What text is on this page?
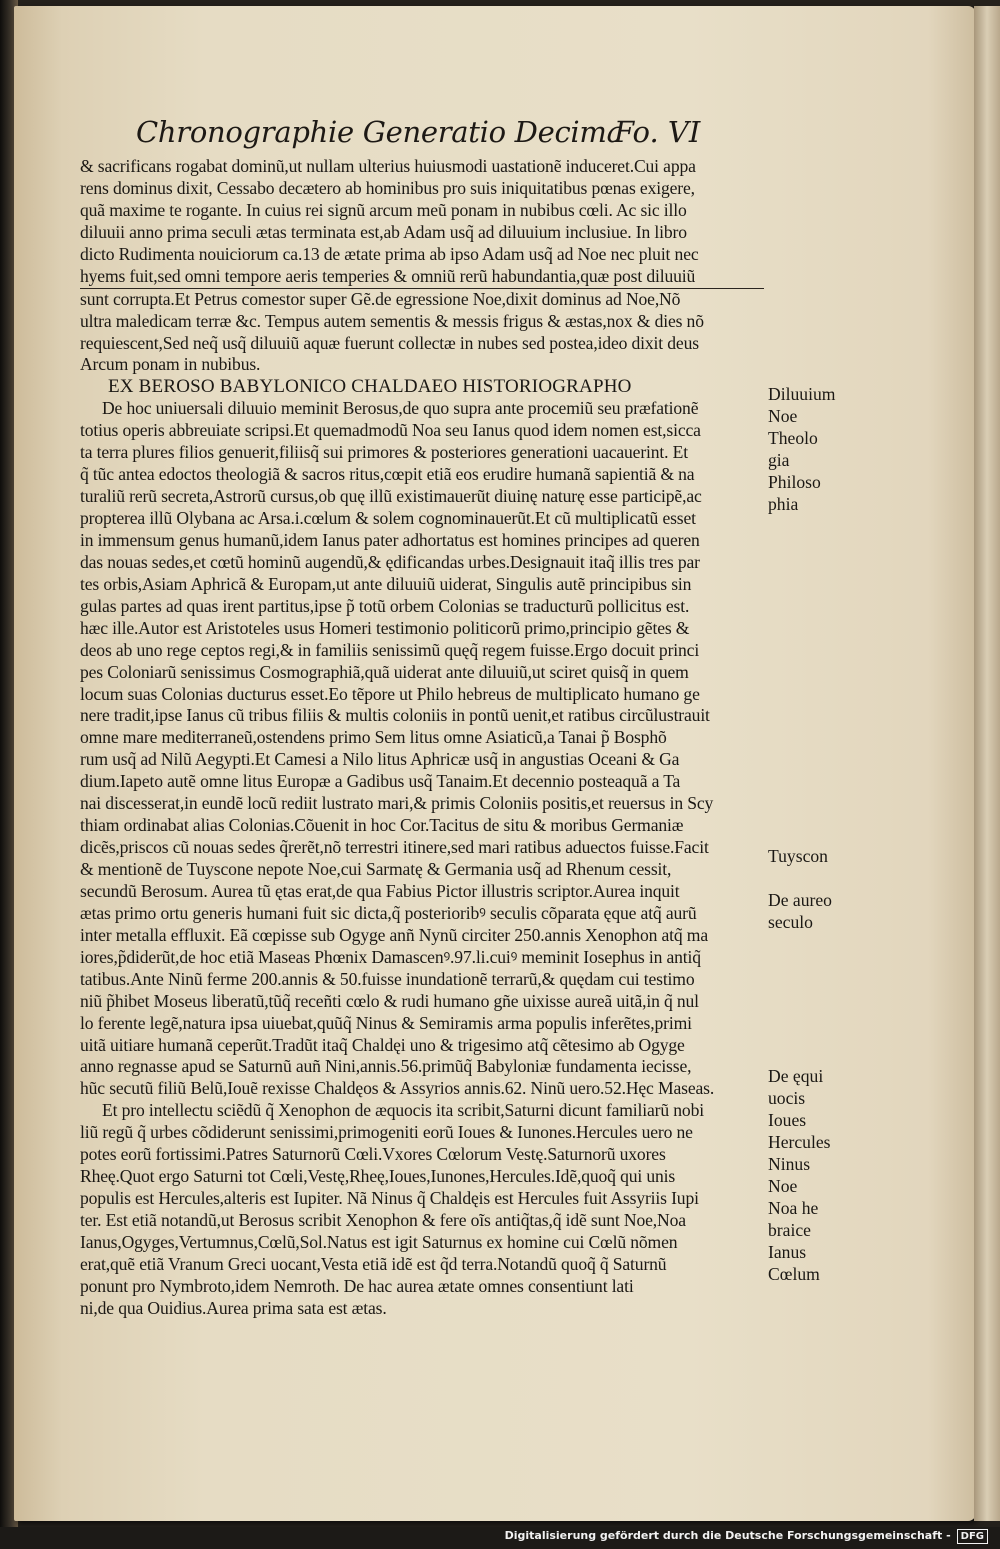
Chronographie Generatio Decima
Fo. VI
& sacrificans rogabat dominũ,ut nullam ulterius huiusmodi uastationẽ induceret.Cui appa
rens dominus dixit, Cessabo decætero ab hominibus pro suis iniquitatibus pœnas exigere,
quã maxime te rogante. In cuius rei signũ arcum meũ ponam in nubibus cœli. Ac sic illo
diluuii anno prima seculi ætas terminata est,ab Adam usq̃ ad diluuium inclusiue. In libro
dicto Rudimenta nouiciorum ca.13 de ætate prima ab ipso Adam usq̃ ad Noe nec pluit nec
hyems fuit,sed omni tempore aeris temperies & omniũ rerũ habundantia,quæ post diluuiũ
sunt corrupta.Et Petrus comestor super Gẽ.de egressione Noe,dixit dominus ad Noe,Nõ
ultra maledicam terræ &c. Tempus autem sementis & messis frigus & æstas,nox & dies nõ
requiescent,Sed neq̃ usq̃ diluuiũ aquæ fuerunt collectæ in nubes sed postea,ideo dixit deus
Arcum ponam in nubibus.
EX BEROSO BABYLONICO CHALDAEO HISTORIOGRAPHO
De hoc uniuersali diluuio meminit Berosus,de quo supra ante procemiũ seu præfationẽ
totius operis abbreuiate scripsi.Et quemadmodũ Noa seu Ianus quod idem nomen est,sicca
ta terra plures filios genuerit,filiisq̃ sui primores & posteriores generationi uacauerint. Et
q̃ tũc antea edoctos theologiã & sacros ritus,cœpit etiã eos erudire humanã sapientiã & na
turaliũ rerũ secreta,Astrorũ cursus,ob quę illũ existimauerũt diuinę naturę esse participẽ,ac
propterea illũ Olybana ac Arsa.i.cœlum & solem cognominauerũt.Et cũ multiplicatũ esset
in immensum genus humanũ,idem Ianus pater adhortatus est homines principes ad queren
das nouas sedes,et cœtũ hominũ augendũ,& ędificandas urbes.Designauit itaq̃ illis tres par
tes orbis,Asiam Aphricã & Europam,ut ante diluuiũ uiderat, Singulis autẽ principibus sin
gulas partes ad quas irent partitus,ipse p̃ totũ orbem Colonias se traducturũ pollicitus est.
hæc ille.Autor est Aristoteles usus Homeri testimonio politicorũ primo,principio gẽtes &
deos ab uno rege ceptos regi,& in familiis senissimũ quęq̃ regem fuisse.Ergo docuit princi
pes Coloniarũ senissimus Cosmographiã,quã uiderat ante diluuiũ,ut sciret quisq̃ in quem
locum suas Colonias ducturus esset.Eo tẽpore ut Philo hebreus de multiplicato humano ge
nere tradit,ipse Ianus cũ tribus filiis & multis coloniis in pontũ uenit,et ratibus circũlustrauit
omne mare mediterraneũ,ostendens primo Sem litus omne Asiaticũ,a Tanai p̃ Bosphõ
rum usq̃ ad Nilũ Aegypti.Et Camesi a Nilo litus Aphricæ usq̃ in angustias Oceani & Ga
dium.Iapeto autẽ omne litus Europæ a Gadibus usq̃ Tanaim.Et decennio posteaquã a Ta
nai discesserat,in eundẽ locũ rediit lustrato mari,& primis Coloniis positis,et reuersus in Scy
thiam ordinabat alias Colonias.Cõuenit in hoc Cor.Tacitus de situ & moribus Germaniæ
dicẽs,priscos cũ nouas sedes q̃rerẽt,nõ terrestri itinere,sed mari ratibus aduectos fuisse.Facit
& mentionẽ de Tuyscone nepote Noe,cui Sarmatę & Germania usq̃ ad Rhenum cessit,
secundũ Berosum. Aurea tũ ętas erat,de qua Fabius Pictor illustris scriptor.Aurea inquit
ætas primo ortu generis humani fuit sic dicta,q̃ posterioribꝰ seculis cõparata ęque atq̃ aurũ
inter metalla effluxit. Eã cœpisse sub Ogyge anñ Nynũ circiter 250.annis Xenophon atq̃ ma
iores,p̃diderũt,de hoc etiã Maseas Phœnix Damascenꝰ.97.li.cuiꝰ meminit Iosephus in antiq̃
tatibus.Ante Ninũ ferme 200.annis & 50.fuisse inundationẽ terrarũ,& quędam cui testimo
niũ p̃hibet Moseus liberatũ,tũq̃ receñti cœlo & rudi humano gñe uixisse aureã uitã,in q̃ nul
lo ferente legẽ,natura ipsa uiuebat,quũq̃ Ninus & Semiramis arma populis inferẽtes,primi
uitã uitiare humanã ceperũt.Tradũt itaq̃ Chaldęi uno & trigesimo atq̃ cẽtesimo ab Ogyge
anno regnasse apud se Saturnũ auñ Nini,annis.56.primũq̃ Babyloniæ fundamenta iecisse,
hũc secutũ filiũ Belũ,Iouẽ rexisse Chaldęos & Assyrios annis.62. Ninũ uero.52.Hęc Maseas.
Et pro intellectu sciẽdũ q̃ Xenophon de æquocis ita scribit,Saturni dicunt familiarũ nobi
liũ regũ q̃ urbes cõdiderunt senissimi,primogeniti eorũ Ioues & Iunones.Hercules uero ne
potes eorũ fortissimi.Patres Saturnorũ Cœli.Vxores Cœlorum Vestę.Saturnorũ uxores
Rheę.Quot ergo Saturni tot Cœli,Vestę,Rheę,Ioues,Iunones,Hercules.Idẽ,quoq̃ qui unis
populis est Hercules,alteris est Iupiter. Nã Ninus q̃ Chaldęis est Hercules fuit Assyriis Iupi
ter. Est etiã notandũ,ut Berosus scribit Xenophon & fere oĩs antiq̃tas,q̃ idẽ sunt Noe,Noa
Ianus,Ogyges,Vertumnus,Cœlũ,Sol.Natus est igit Saturnus ex homine cui Cœlũ nõmen
erat,quẽ etiã Vranum Greci uocant,Vesta etiã idẽ est q̃d terra.Notandũ quoq̃ q̃ Saturnũ
ponunt pro Nymbroto,idem Nemroth. De hac aurea ætate omnes consentiunt lati
ni,de qua Ouidius.Aurea prima sata est ætas.
Diluuium
Noe
Theolo
gia
Philoso
phia
Tuyscon
De aureo
seculo
De ęqui
uocis
Ioues
Hercules
Ninus
Noe
Noa he
braice
Ianus
Cœlum
Digitalisierung gefördert durch die Deutsche Forschungsgemeinschaft - DFG
